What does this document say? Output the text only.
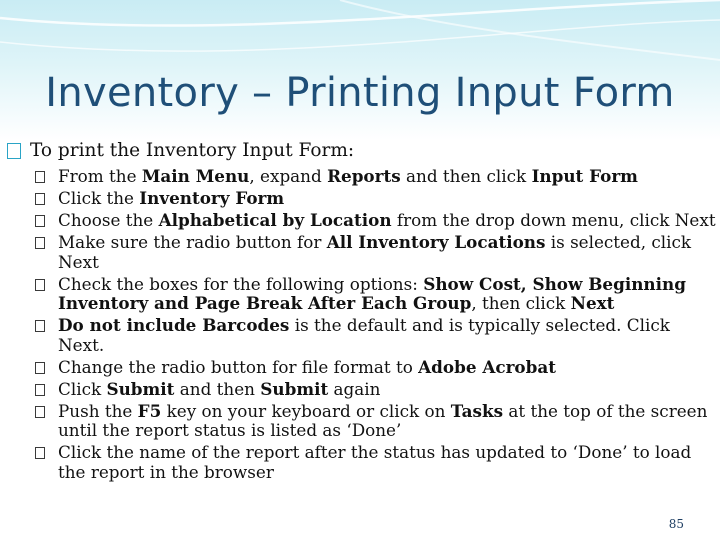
Inventory – Printing Input Form
To print the Inventory Input Form:
From the Main Menu, expand Reports and then click Input Form
Click the Inventory Form
Choose the Alphabetical by Location from the drop down menu, click Next
Make sure the radio button for All Inventory Locations is selected, click Next
Check the boxes for the following options: Show Cost, Show Beginning Inventory and Page Break After Each Group, then click Next
Do not include Barcodes is the default and is typically selected. Click Next.
Change the radio button for file format to Adobe Acrobat
Click Submit and then Submit again
Push the F5 key on your keyboard or click on Tasks at the top of the screen until the report status is listed as ‘Done’
Click the name of the report after the status has updated to ‘Done’ to load the report in the browser
85
